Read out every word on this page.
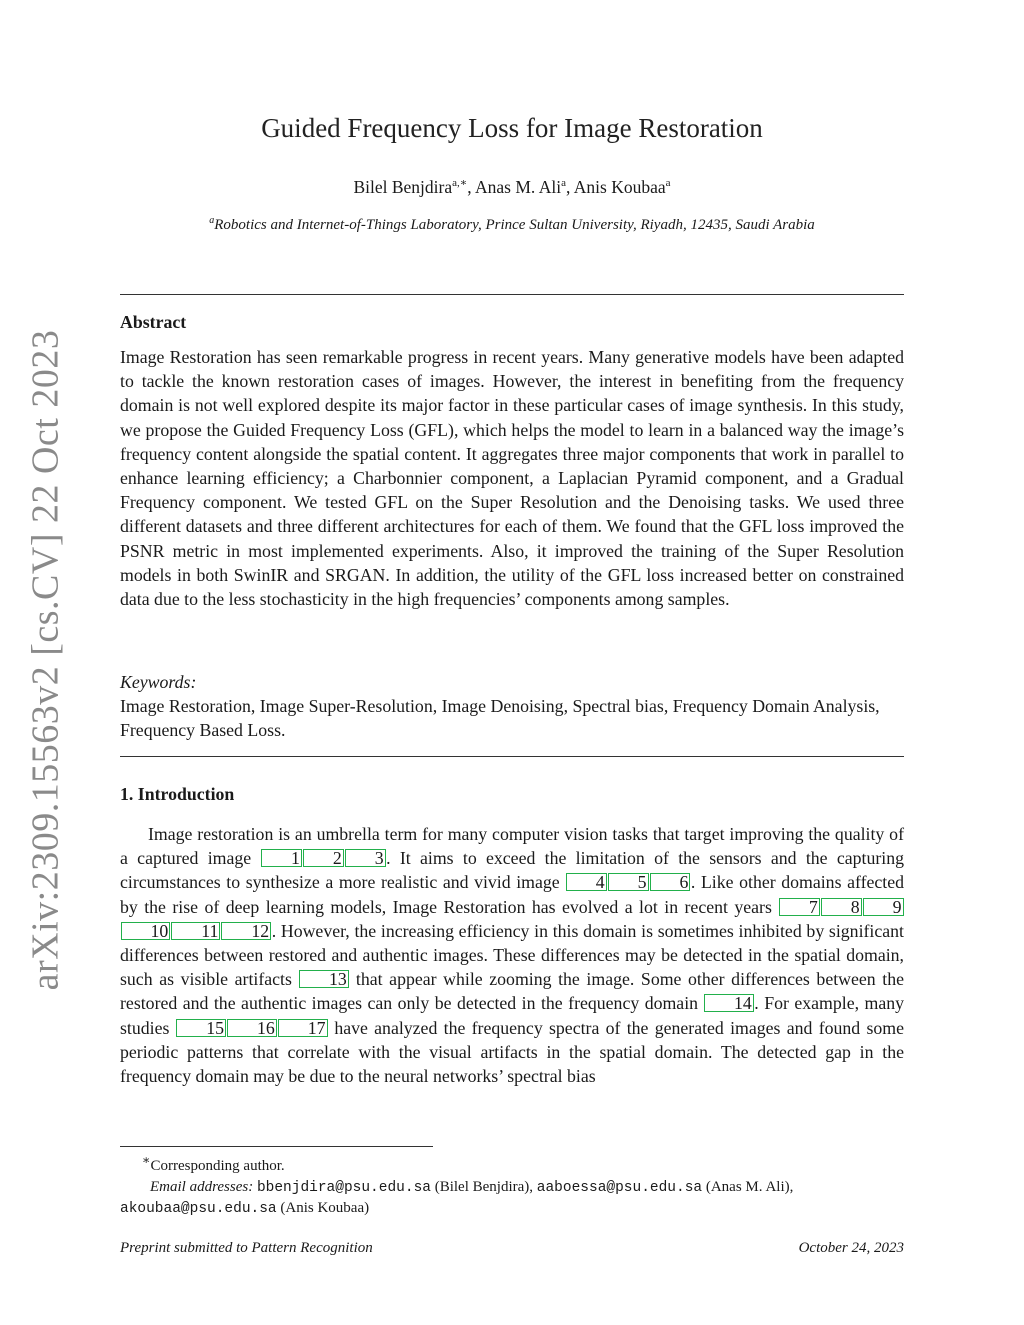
arXiv:2309.15563v2 [cs.CV] 22 Oct 2023
Guided Frequency Loss for Image Restoration
Bilel Benjdira$^{a,∗}$, Anas M. Ali$^a$, Anis Koubaa$^a$
$^a$Robotics and Internet-of-Things Laboratory, Prince Sultan University, Riyadh, 12435, Saudi Arabia
Abstract
Image Restoration has seen remarkable progress in recent years. Many generative models have been adapted to tackle the known restoration cases of images. However, the interest in benefiting from the frequency domain is not well explored despite its major factor in these particular cases of image synthesis. In this study, we propose the Guided Frequency Loss (GFL), which helps the model to learn in a balanced way the image’s frequency content alongside the spatial content. It aggregates three major components that work in parallel to enhance learning efficiency; a Charbonnier component, a Laplacian Pyramid component, and a Gradual Frequency component. We tested GFL on the Super Resolution and the Denoising tasks. We used three different datasets and three different architectures for each of them. We found that the GFL loss improved the PSNR metric in most implemented experiments. Also, it improved the training of the Super Resolution models in both SwinIR and SRGAN. In addition, the utility of the GFL loss increased better on constrained data due to the less stochasticity in the high frequencies’ components among samples.
Keywords:
Image Restoration, Image Super-Resolution, Image Denoising, Spectral bias, Frequency Domain Analysis, Frequency Based Loss.
1. Introduction
Image restoration is an umbrella term for many computer vision tasks that target improving the quality of a captured image 1 2 3 . It aims to exceed the limitation of the sensors and the capturing circumstances to synthesize a more realistic and vivid image 4 5 6 . Like other domains affected by the rise of deep learning models, Image Restoration has evolved a lot in recent years 7 8 910 11 12 . However, the increasing efficiency in this domain is sometimes inhibited by significant differences between restored and authentic images. These differences may be detected in the spatial domain, such as visible artifacts 13 that appear while zooming the image. Some other differences between the restored and the authentic images can only be detected in the frequency domain 14 . For example, many studies 15 16 17 have analyzed the frequency spectra of the generated images and found some periodic patterns that correlate with the visual artifacts in the spatial domain. The detected gap in the frequency domain may be due to the neural networks’ spectral bias
∗Corresponding author.
Email addresses: bbenjdira@psu.edu.sa (Bilel Benjdira), aaboessa@psu.edu.sa (Anas M. Ali),
akoubaa@psu.edu.sa (Anis Koubaa)
Preprint submitted to Pattern Recognition	October 24, 2023
